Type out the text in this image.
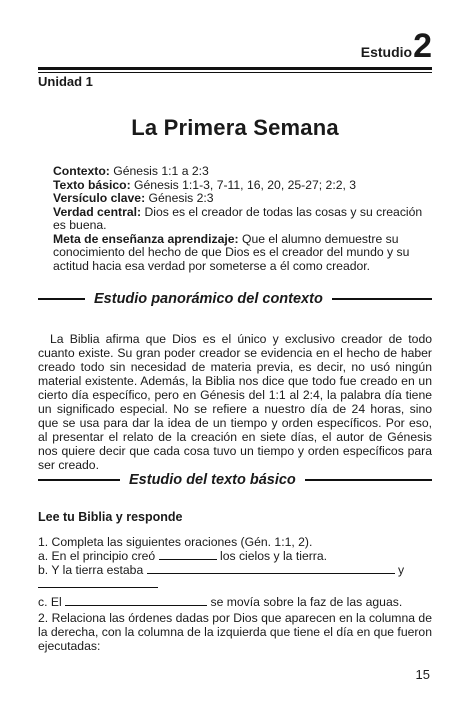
Estudio 2
Unidad 1
La Primera Semana

Contexto: Génesis 1:1 a 2:3

Texto básico: Génesis 1:1-3, 7-11, 16, 20, 25-27; 2:2, 3

Versículo clave: Génesis 2:3

Verdad central: Dios es el creador de todas las cosas y su creación es buena.

Meta de enseñanza aprendizaje: Que el alumno demuestre su conocimiento del hecho de que Dios es el creador del mundo y su actitud hacia esa verdad por someterse a él como creador.

Estudio panorámico del contexto

La Biblia afirma que Dios es el único y exclusivo creador de todo cuanto existe. Su gran poder creador se evidencia en el hecho de haber creado todo sin necesidad de materia previa, es decir, no usó ningún material existente. Además, la Biblia nos dice que todo fue creado en un cierto día específico, pero en Génesis del 1:1 al 2:4, la palabra día tiene un significado especial. No se refiere a nuestro día de 24 horas, sino que se usa para dar la idea de un tiempo y orden específicos. Por eso, al presentar el relato de la creación en siete días, el autor de Génesis nos quiere decir que cada cosa tuvo un tiempo y orden específicos para ser creado.

Estudio del texto básico
Lee tu Biblia y responde

1. Completa las siguientes oraciones (Gén. 1:1, 2).

a. En el principio creó	los cielos y la tierra.

b. Y la tierra estaba	y

c. El	se movía sobre la faz de las aguas.

2. Relaciona las órdenes dadas por Dios que aparecen en la columna de la derecha, con la columna de la izquierda que tiene el día en que fueron ejecutadas:

15
